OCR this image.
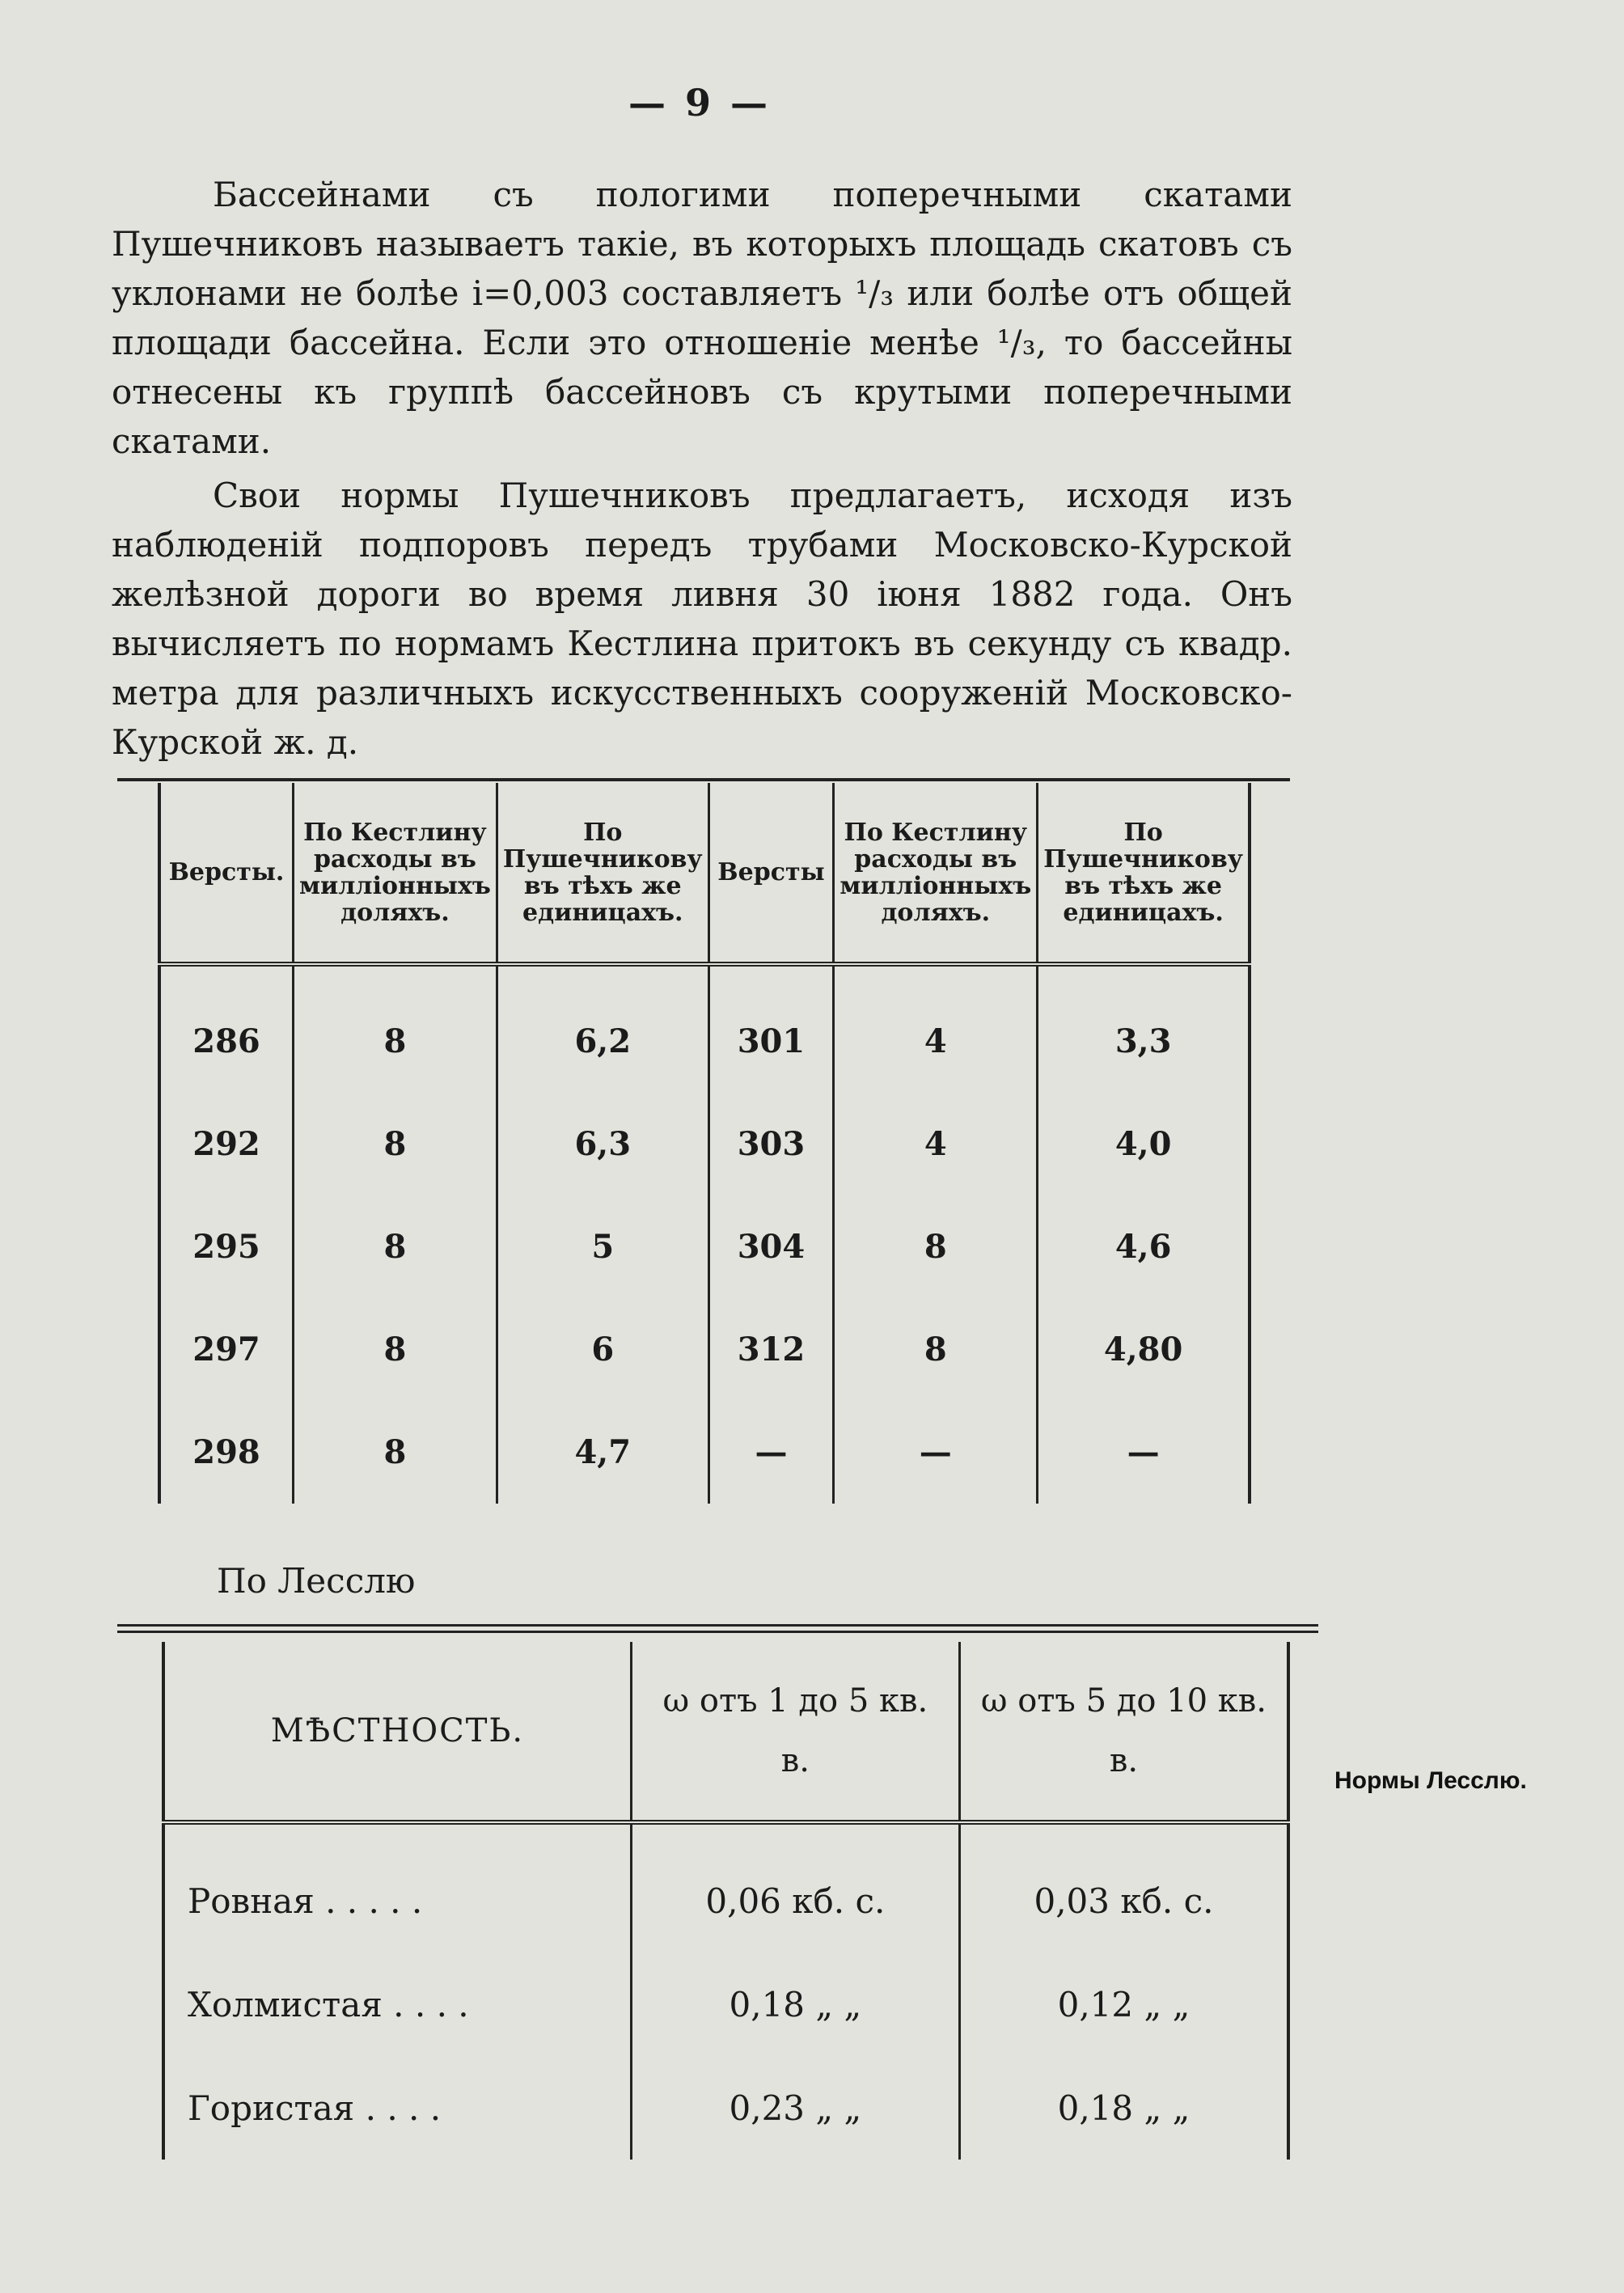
— 9 —

Бассейнами съ пологими поперечными скатами Пушечниковъ называетъ такіе, въ которыхъ площадь скатовъ съ уклонами не болѣе i=0,003 составляетъ ¹/₃ или болѣе отъ общей площади бассейна. Если это отношеніе менѣе ¹/₃, то бассейны отнесены къ группѣ бассейновъ съ крутыми поперечными скатами.

Свои нормы Пушечниковъ предлагаетъ, исходя изъ наблюденій подпоровъ передъ трубами Московско-Курской желѣзной дороги во время ливня 30 іюня 1882 года. Онъ вычисляетъ по нормамъ Кестлина притокъ въ секунду съ квадр. метра для различныхъ искусственныхъ сооруженій Московско-Курской ж. д.

Версты.	По Кестлину расходы въ милліонныхъ доляхъ.	По Пушечникову въ тѣхъ же единицахъ.	Версты	По Кестлину расходы въ милліонныхъ доляхъ.	По Пушечникову въ тѣхъ же единицахъ.
286	8	6,2	301	4	3,3
292	8	6,3	303	4	4,0
295	8	5	304	8	4,6
297	8	6	312	8	4,80
298	8	4,7	—	—	—
По Лесслю
МѢСТНОСТЬ.	ω отъ 1 до 5 кв. в.	ω отъ 5 до 10 кв. в.
Ровная . . . . .	0,06 кб. с.	0,03 кб. с.
Холмистая . . . .	0,18 „ „	0,12 „ „
Гористая . . . .	0,23 „ „	0,18 „ „
Нормы Лесслю.
